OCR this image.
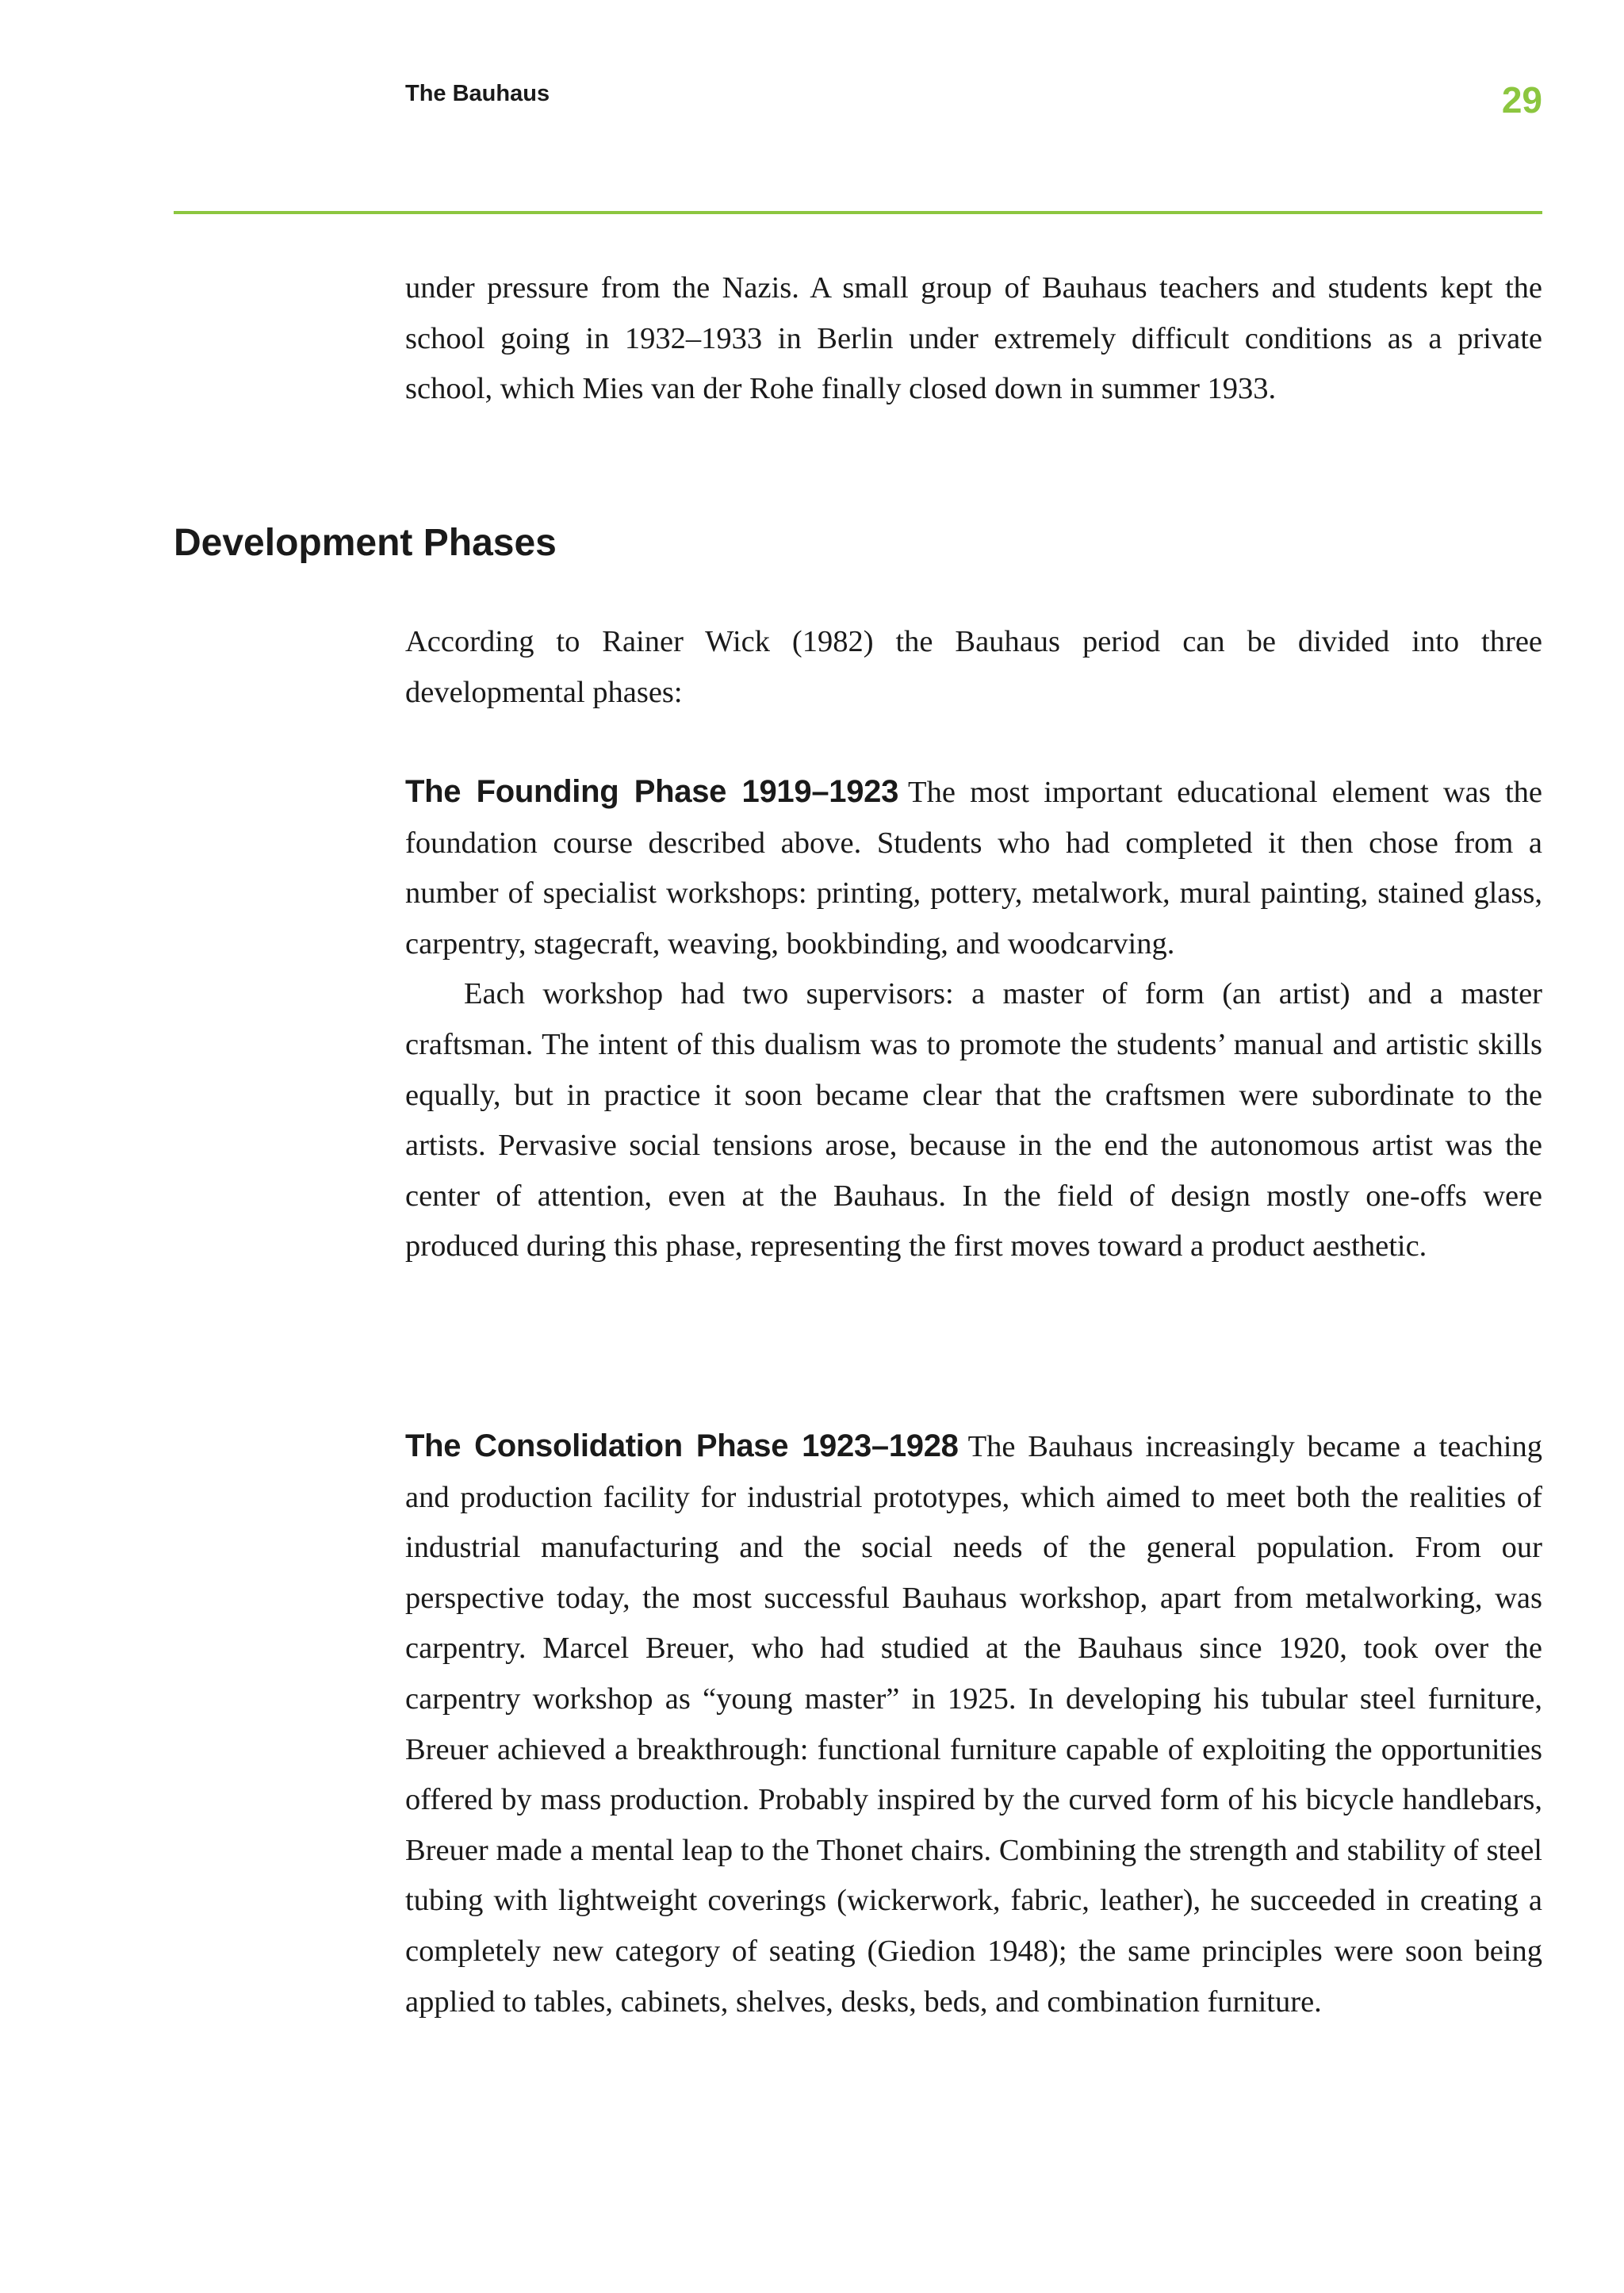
The Bauhaus	29

under pressure from the Nazis. A small group of Bauhaus teachers and students kept the school going in 1932–1933 in Berlin under extremely difficult conditions as a private school, which Mies van der Rohe finally closed down in summer 1933.

Development Phases

According to Rainer Wick (1982) the Bauhaus period can be divided into three developmental phases:

The Founding Phase 1919–1923 The most important educational element was the foundation course described above. Students who had completed it then chose from a number of specialist workshops: printing, pottery, metalwork, mural painting, stained glass, carpentry, stagecraft, weaving, bookbinding, and woodcarving.

Each workshop had two supervisors: a master of form (an artist) and a master craftsman. The intent of this dualism was to promote the students’ manual and artistic skills equally, but in practice it soon became clear that the craftsmen were subordinate to the artists. Pervasive social tensions arose, because in the end the autonomous artist was the center of attention, even at the Bauhaus. In the field of design mostly one-offs were produced during this phase, representing the first moves toward a product aesthetic.

The Consolidation Phase 1923–1928 The Bauhaus increasingly became a teaching and production facility for industrial prototypes, which aimed to meet both the realities of industrial manufacturing and the social needs of the general population. From our perspective today, the most successful Bauhaus workshop, apart from metalworking, was carpentry. Marcel Breuer, who had studied at the Bauhaus since 1920, took over the carpentry workshop as “young master” in 1925. In developing his tubular steel furniture, Breuer achieved a breakthrough: functional furniture capable of exploiting the opportunities offered by mass production. Probably inspired by the curved form of his bicycle handlebars, Breuer made a mental leap to the Thonet chairs. Combining the strength and stability of steel tubing with lightweight coverings (wickerwork, fabric, leather), he succeeded in creating a completely new category of seating (Giedion 1948); the same principles were soon being applied to tables, cabinets, shelves, desks, beds, and combination furniture.
